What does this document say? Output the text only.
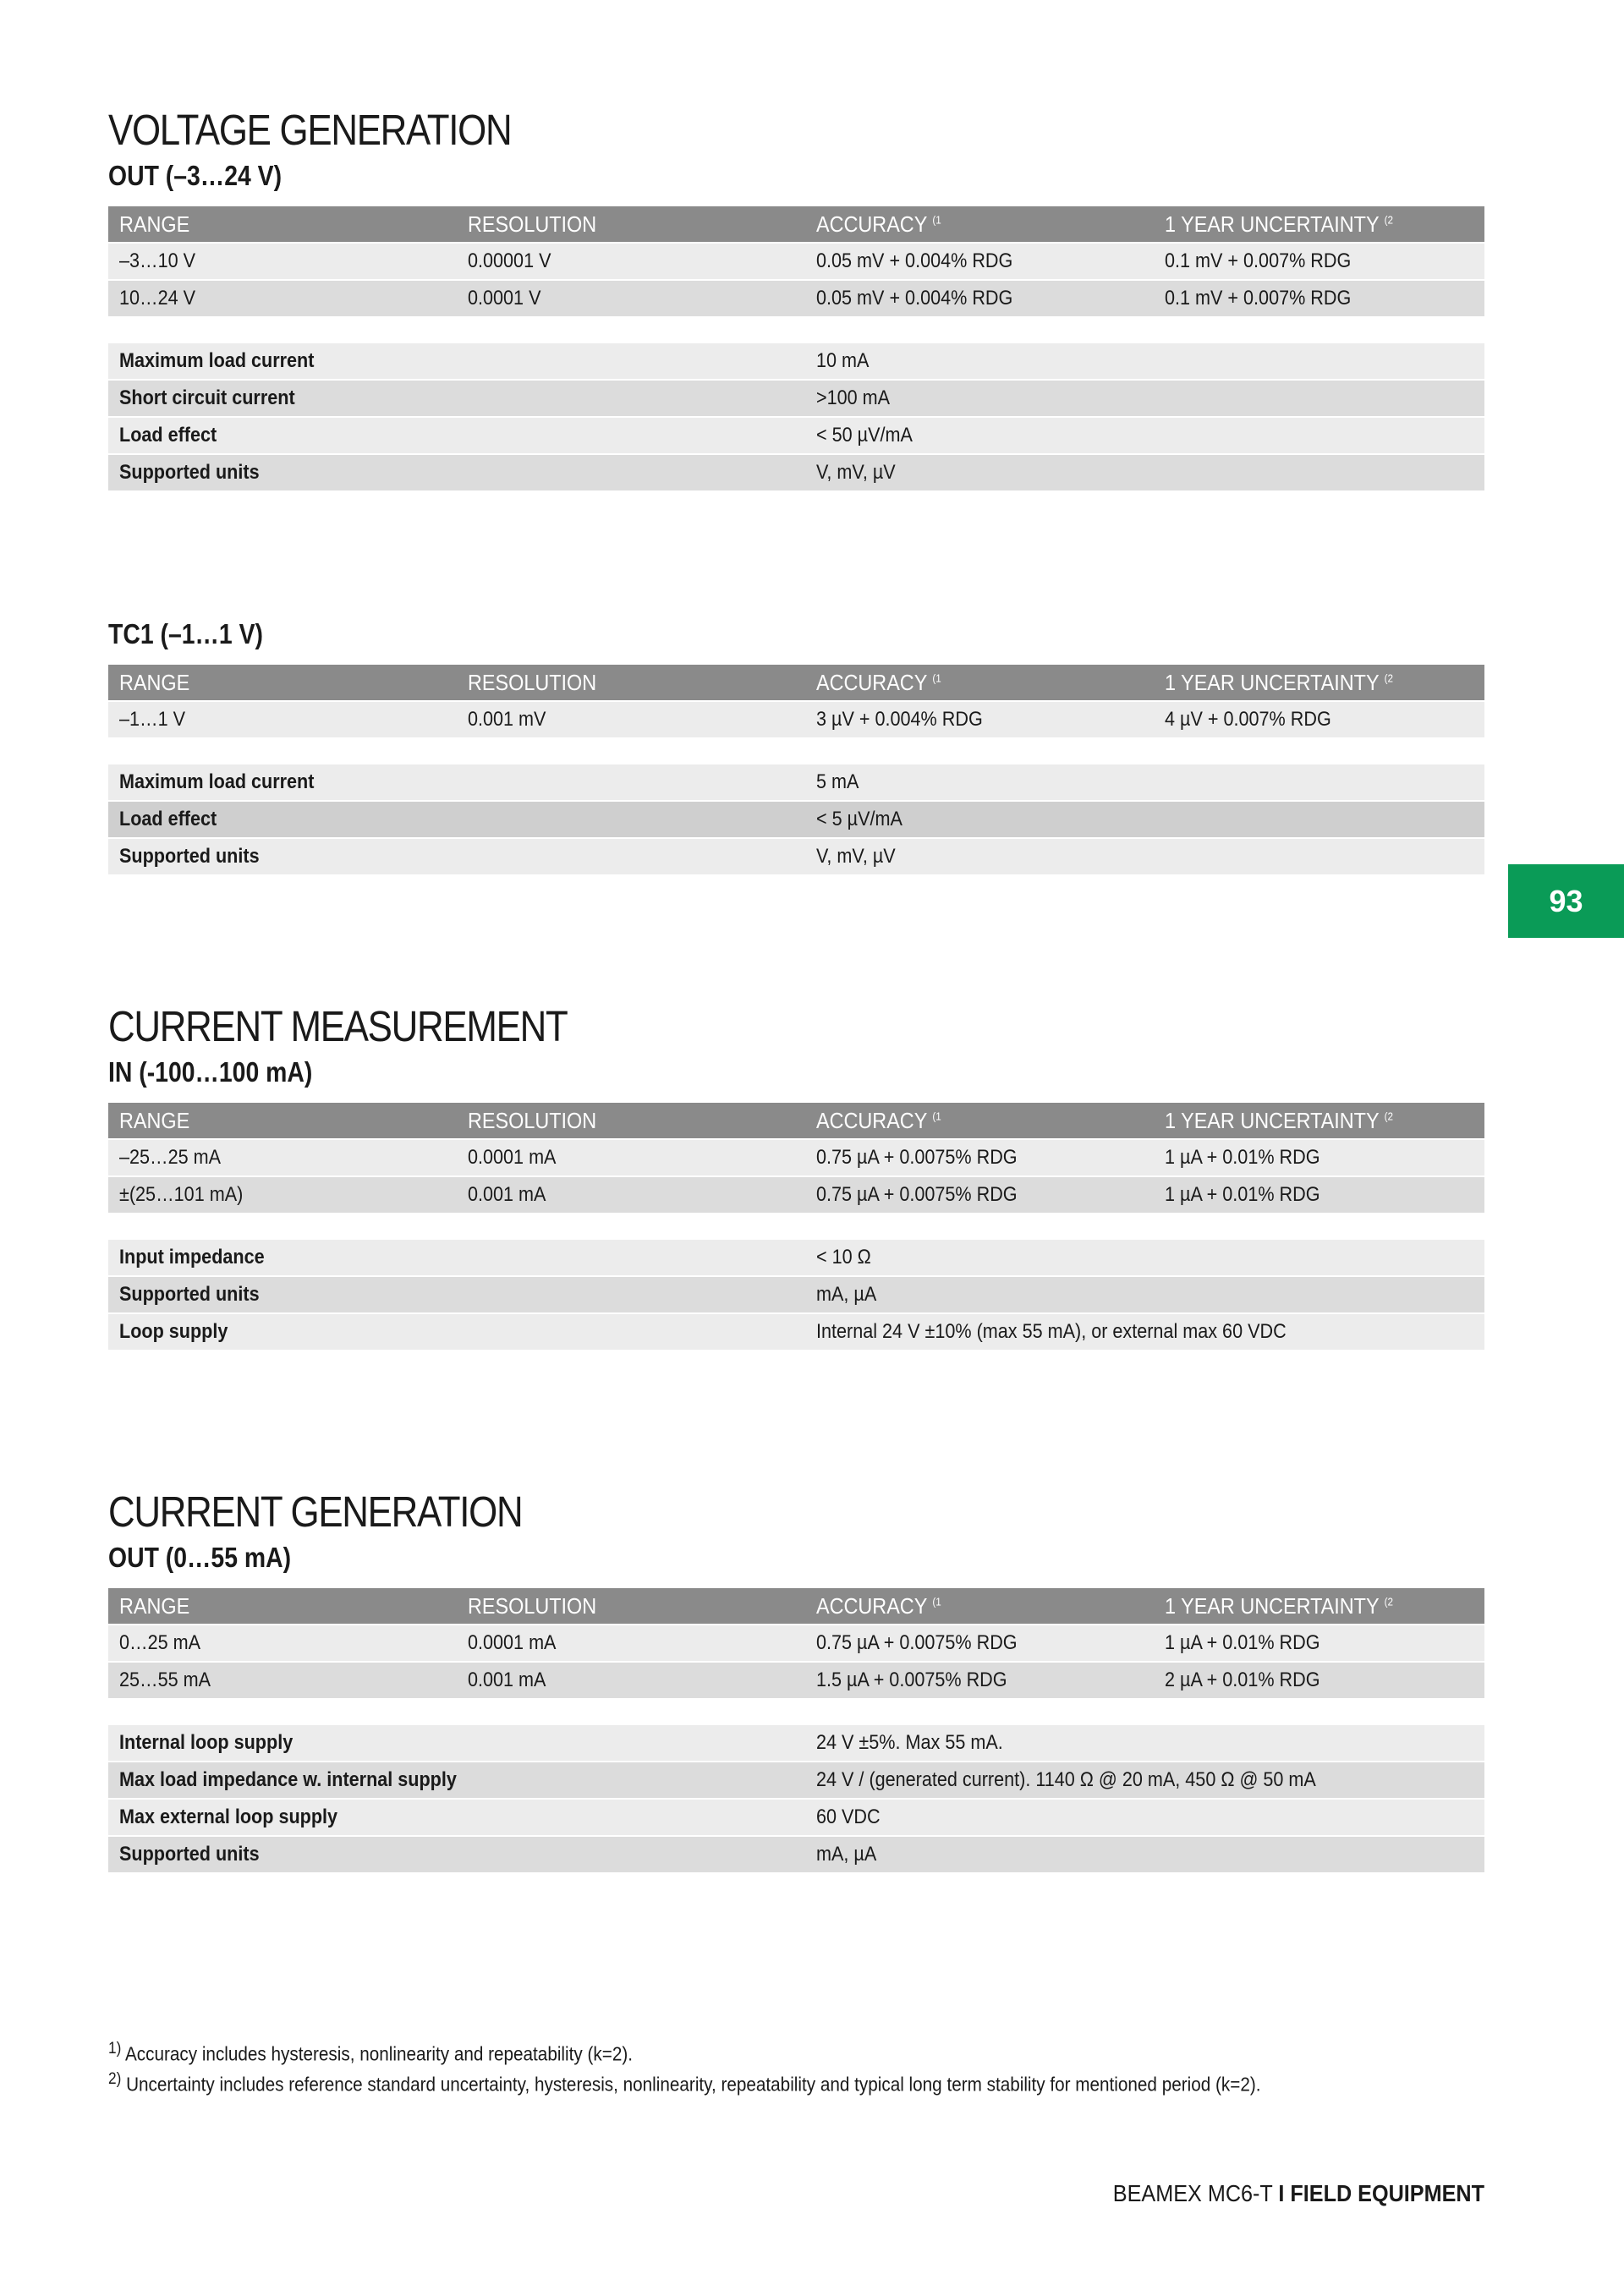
VOLTAGE GENERATION
OUT (–3…24 V)
RANGE	RESOLUTION	ACCURACY $^{(1}$	1 YEAR UNCERTAINTY $^{(2}$
–3…10 V	0.00001 V	0.05 mV + 0.004% RDG	0.1 mV + 0.007% RDG
10…24 V	0.0001 V	0.05 mV + 0.004% RDG	0.1 mV + 0.007% RDG
Maximum load current	10 mA
Short circuit current	>100 mA
Load effect	< 50 µV/mA
Supported units	V, mV, µV
TC1 (–1…1 V)
RANGE	RESOLUTION	ACCURACY $^{(1}$	1 YEAR UNCERTAINTY $^{(2}$
–1…1 V	0.001 mV	3 µV + 0.004% RDG	4 µV + 0.007% RDG
Maximum load current	5 mA
Load effect	< 5 µV/mA
Supported units	V, mV, µV
93
CURRENT MEASUREMENT
IN (-100…100 mA)
RANGE	RESOLUTION	ACCURACY $^{(1}$	1 YEAR UNCERTAINTY $^{(2}$
–25…25 mA	0.0001 mA	0.75 µA + 0.0075% RDG	1 µA + 0.01% RDG
±(25…101 mA)	0.001 mA	0.75 µA + 0.0075% RDG	1 µA + 0.01% RDG
Input impedance	< 10 Ω
Supported units	mA, µA
Loop supply	Internal 24 V ±10% (max 55 mA), or external max 60 VDC
CURRENT GENERATION
OUT (0…55 mA)
RANGE	RESOLUTION	ACCURACY $^{(1}$	1 YEAR UNCERTAINTY $^{(2}$
0…25 mA	0.0001 mA	0.75 µA + 0.0075% RDG	1 µA + 0.01% RDG
25…55 mA	0.001 mA	1.5 µA + 0.0075% RDG	2 µA + 0.01% RDG
Internal loop supply	24 V ±5%. Max 55 mA.
Max load impedance w. internal supply	24 V / (generated current). 1140 Ω @ 20 mA, 450 Ω @ 50 mA
Max external loop supply	60 VDC
Supported units	mA, µA
$^{1)}$ Accuracy includes hysteresis, nonlinearity and repeatability (k=2).
$^{2)}$ Uncertainty includes reference standard uncertainty, hysteresis, nonlinearity, repeatability and typical long term stability for mentioned period (k=2).
BEAMEX MC6-T I FIELD EQUIPMENT
